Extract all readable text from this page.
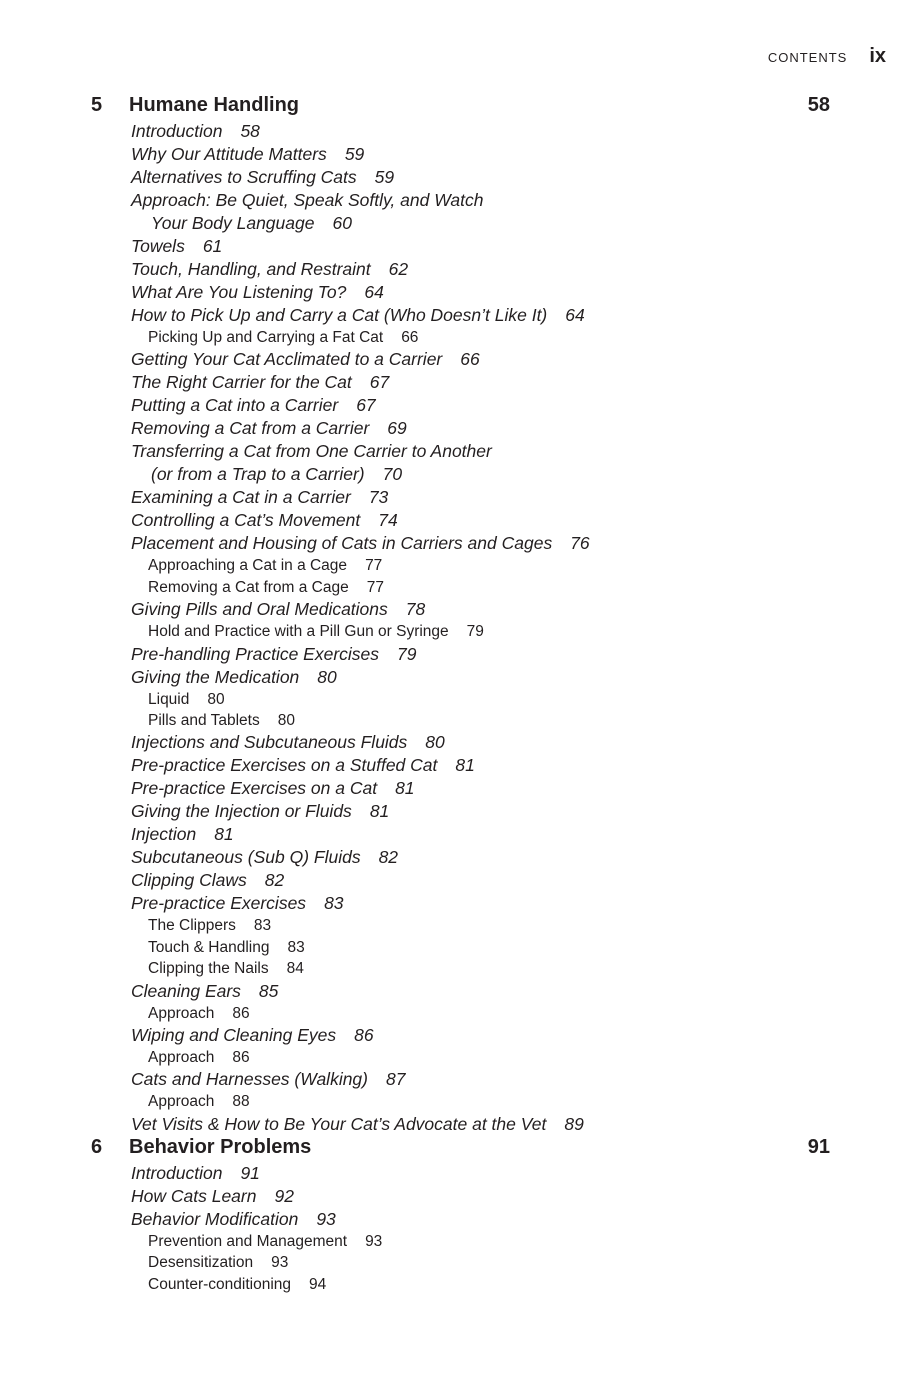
CONTENTS ix
5 Humane Handling	58
Introduction 58
Why Our Attitude Matters 59
Alternatives to Scruffing Cats 59
Approach: Be Quiet, Speak Softly, and Watch
Your Body Language 60
Towels 61
Touch, Handling, and Restraint 62
What Are You Listening To? 64
How to Pick Up and Carry a Cat (Who Doesn’t Like It) 64
Picking Up and Carrying a Fat Cat 66
Getting Your Cat Acclimated to a Carrier 66
The Right Carrier for the Cat 67
Putting a Cat into a Carrier 67
Removing a Cat from a Carrier 69
Transferring a Cat from One Carrier to Another
(or from a Trap to a Carrier) 70
Examining a Cat in a Carrier 73
Controlling a Cat’s Movement 74
Placement and Housing of Cats in Carriers and Cages 76
Approaching a Cat in a Cage 77
Removing a Cat from a Cage 77
Giving Pills and Oral Medications 78
Hold and Practice with a Pill Gun or Syringe 79
Pre-handling Practice Exercises 79
Giving the Medication 80
Liquid 80
Pills and Tablets 80
Injections and Subcutaneous Fluids 80
Pre-practice Exercises on a Stuffed Cat 81
Pre-practice Exercises on a Cat 81
Giving the Injection or Fluids 81
Injection 81
Subcutaneous (Sub Q) Fluids 82
Clipping Claws 82
Pre-practice Exercises 83
The Clippers 83
Touch & Handling 83
Clipping the Nails 84
Cleaning Ears 85
Approach 86
Wiping and Cleaning Eyes 86
Approach 86
Cats and Harnesses (Walking) 87
Approach 88
Vet Visits & How to Be Your Cat’s Advocate at the Vet 89
6 Behavior Problems	91
Introduction 91
How Cats Learn 92
Behavior Modification 93
Prevention and Management 93
Desensitization 93
Counter-conditioning 94
